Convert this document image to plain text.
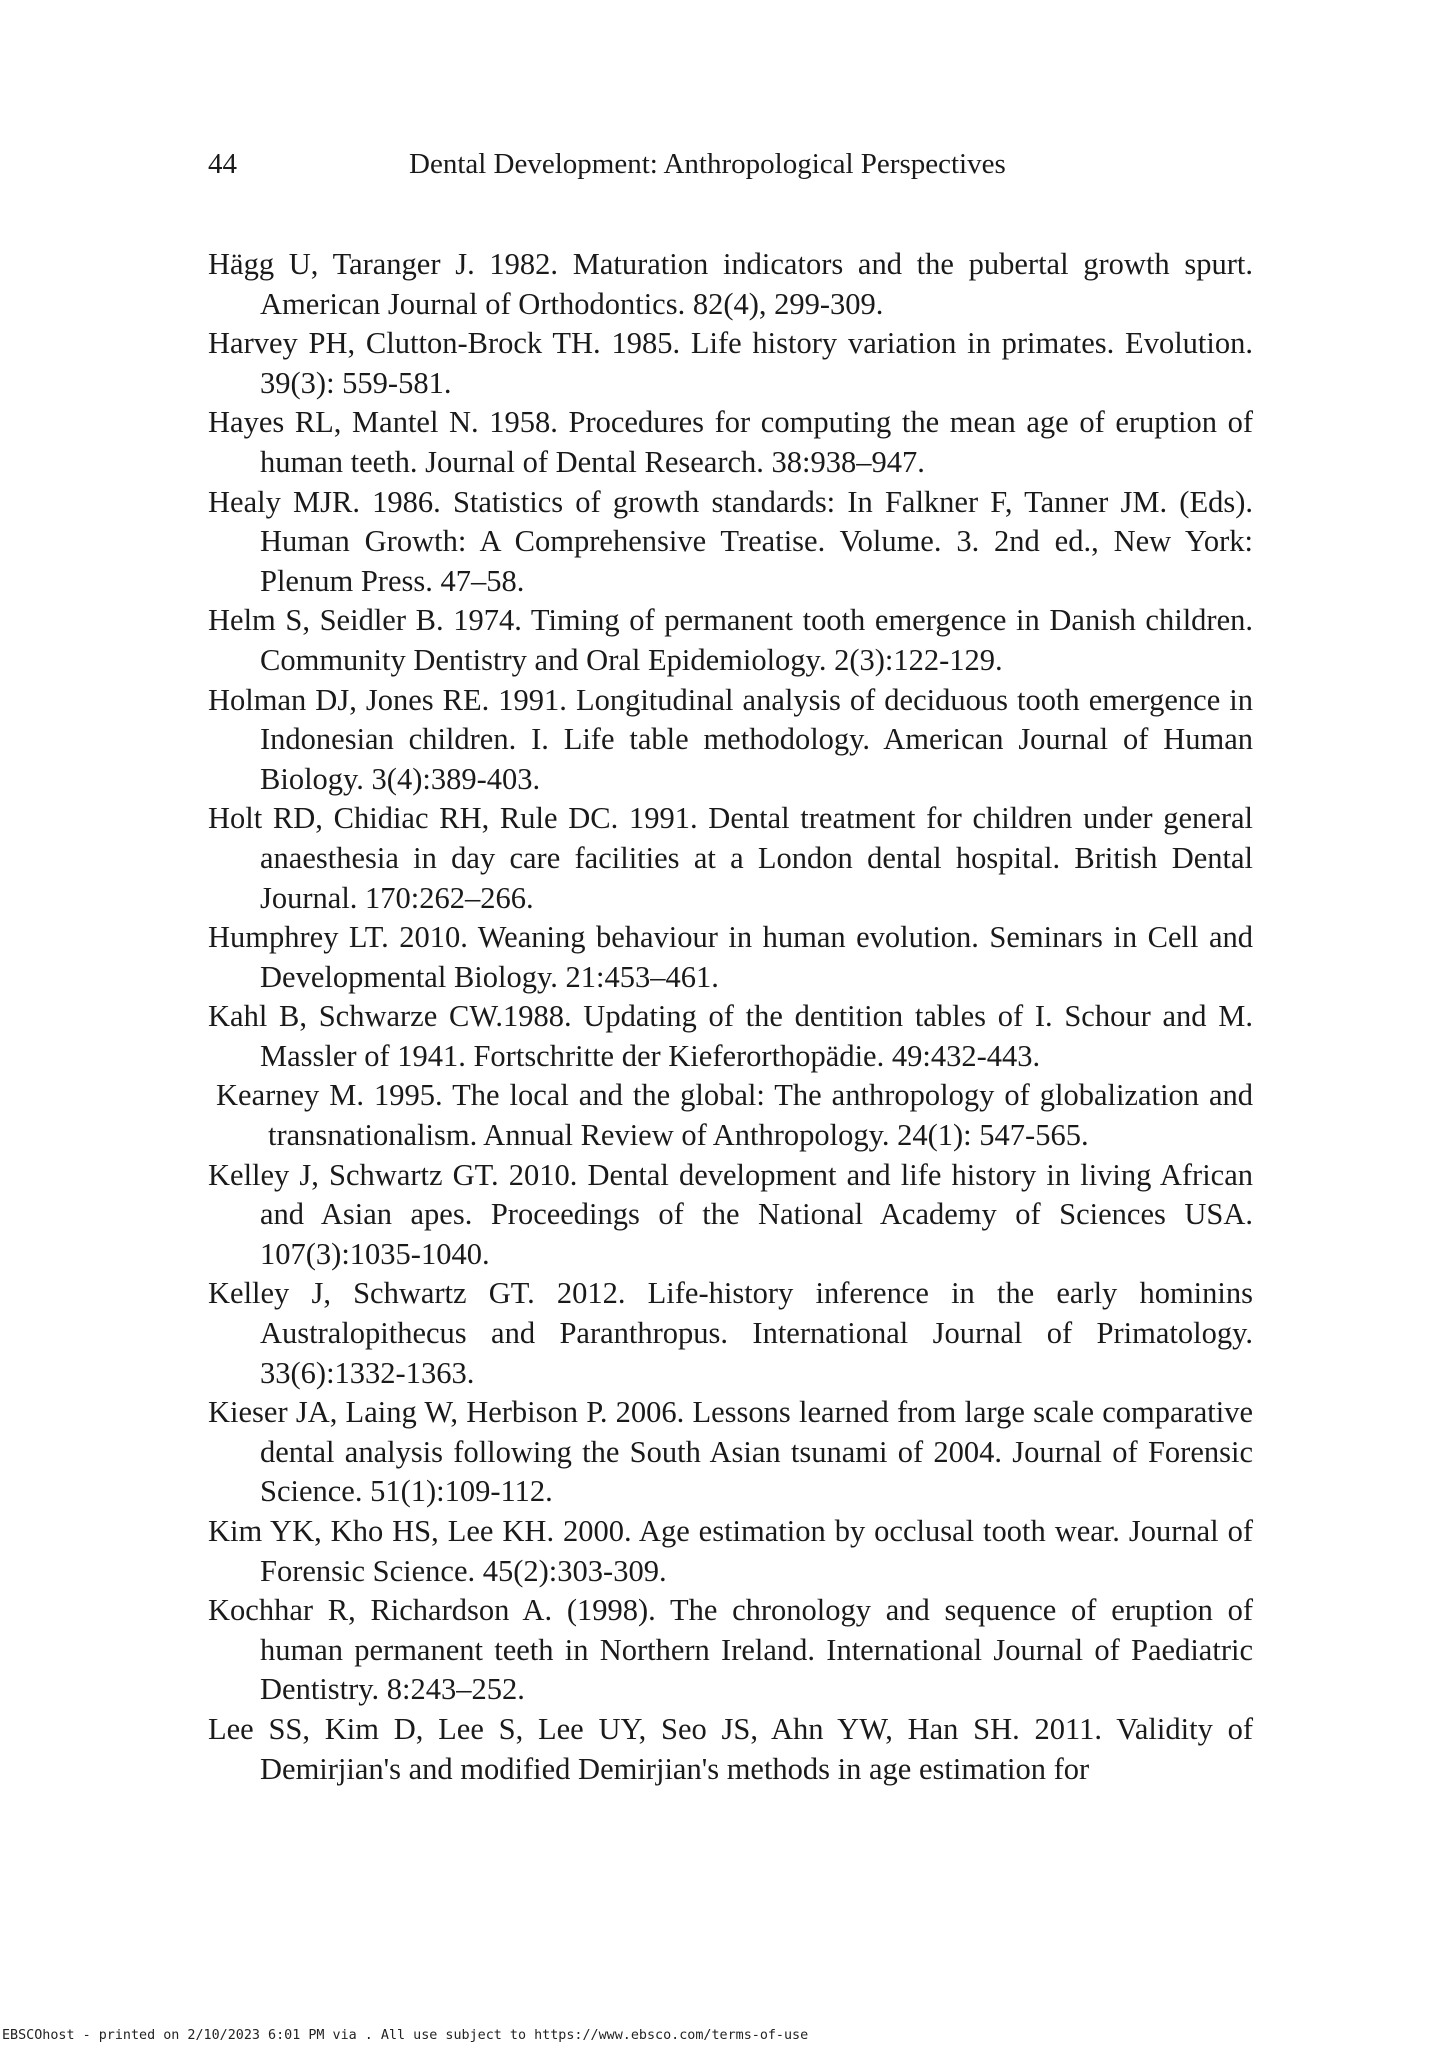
44	Dental Development: Anthropological Perspectives
Hägg U, Taranger J. 1982. Maturation indicators and the pubertal growth spurt. American Journal of Orthodontics. 82(4), 299-309.
Harvey PH, Clutton-Brock TH. 1985. Life history variation in primates. Evolution. 39(3): 559-581.
Hayes RL, Mantel N. 1958. Procedures for computing the mean age of eruption of human teeth. Journal of Dental Research. 38:938–947.
Healy MJR. 1986. Statistics of growth standards: In Falkner F, Tanner JM. (Eds). Human Growth: A Comprehensive Treatise. Volume. 3. 2nd ed., New York: Plenum Press. 47–58.
Helm S, Seidler B. 1974. Timing of permanent tooth emergence in Danish children. Community Dentistry and Oral Epidemiology. 2(3):122-129.
Holman DJ, Jones RE. 1991. Longitudinal analysis of deciduous tooth emergence in Indonesian children. I. Life table methodology. American Journal of Human Biology. 3(4):389-403.
Holt RD, Chidiac RH, Rule DC. 1991. Dental treatment for children under general anaesthesia in day care facilities at a London dental hospital. British Dental Journal. 170:262–266.
Humphrey LT. 2010. Weaning behaviour in human evolution. Seminars in Cell and Developmental Biology. 21:453–461.
Kahl B, Schwarze CW.1988. Updating of the dentition tables of I. Schour and M. Massler of 1941. Fortschritte der Kieferorthopädie. 49:432-443.
Kearney M. 1995. The local and the global: The anthropology of globalization and transnationalism. Annual Review of Anthropology. 24(1): 547-565.
Kelley J, Schwartz GT. 2010. Dental development and life history in living African and Asian apes. Proceedings of the National Academy of Sciences USA. 107(3):1035-1040.
Kelley J, Schwartz GT. 2012. Life-history inference in the early hominins Australopithecus and Paranthropus. International Journal of Primatology. 33(6):1332-1363.
Kieser JA, Laing W, Herbison P. 2006. Lessons learned from large scale comparative dental analysis following the South Asian tsunami of 2004. Journal of Forensic Science. 51(1):109-112.
Kim YK, Kho HS, Lee KH. 2000. Age estimation by occlusal tooth wear. Journal of Forensic Science. 45(2):303-309.
Kochhar R, Richardson A. (1998). The chronology and sequence of eruption of human permanent teeth in Northern Ireland. International Journal of Paediatric Dentistry. 8:243–252.
Lee SS, Kim D, Lee S, Lee UY, Seo JS, Ahn YW, Han SH. 2011. Validity of Demirjian's and modified Demirjian's methods in age estimation for
EBSCOhost - printed on 2/10/2023 6:01 PM via . All use subject to https://www.ebsco.com/terms-of-use
